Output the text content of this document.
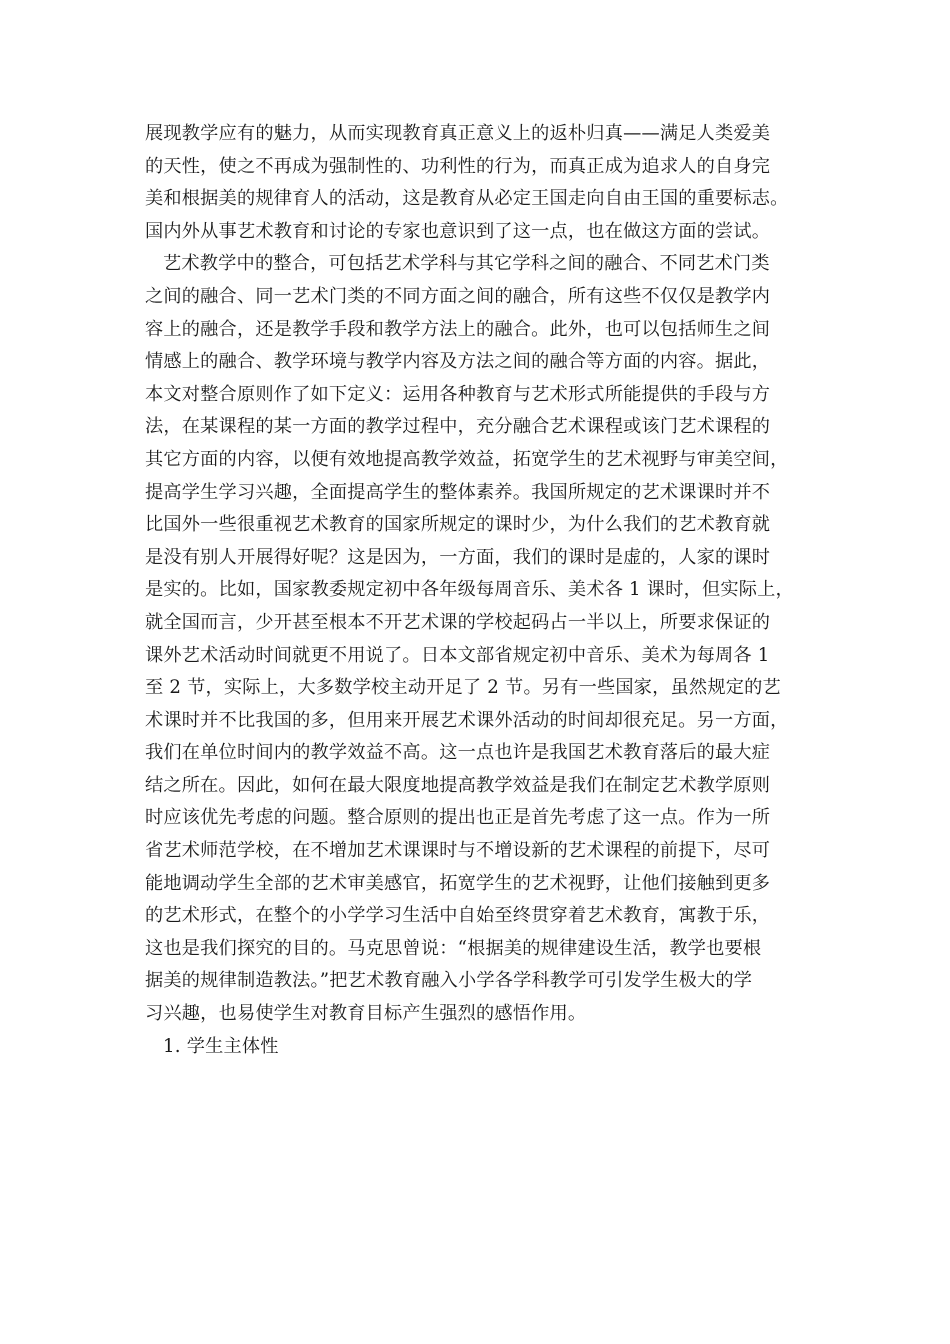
展现教学应有的魅力，从而实现教育真正意义上的返朴归真——满足人类爱美
的天性，使之不再成为强制性的、功利性的行为，而真正成为追求人的自身完
美和根据美的规律育人的活动，这是教育从必定王国走向自由王国的重要标志。
国内外从事艺术教育和讨论的专家也意识到了这一点，也在做这方面的尝试。
艺术教学中的整合，可包括艺术学科与其它学科之间的融合、不同艺术门类
之间的融合、同一艺术门类的不同方面之间的融合，所有这些不仅仅是教学内
容上的融合，还是教学手段和教学方法上的融合。此外，也可以包括师生之间
情感上的融合、教学环境与教学内容及方法之间的融合等方面的内容。据此，
本文对整合原则作了如下定义：运用各种教育与艺术形式所能提供的手段与方
法，在某课程的某一方面的教学过程中，充分融合艺术课程或该门艺术课程的
其它方面的内容，以便有效地提高教学效益，拓宽学生的艺术视野与审美空间，
提高学生学习兴趣，全面提高学生的整体素养。我国所规定的艺术课课时并不
比国外一些很重视艺术教育的国家所规定的课时少，为什么我们的艺术教育就
是没有别人开展得好呢？这是因为，一方面，我们的课时是虚的，人家的课时
是实的。比如，国家教委规定初中各年级每周音乐、美术各 1 课时，但实际上，
就全国而言，少开甚至根本不开艺术课的学校起码占一半以上，所要求保证的
课外艺术活动时间就更不用说了。日本文部省规定初中音乐、美术为每周各 1
至 2 节，实际上，大多数学校主动开足了 2 节。另有一些国家，虽然规定的艺
术课时并不比我国的多，但用来开展艺术课外活动的时间却很充足。另一方面，
我们在单位时间内的教学效益不高。这一点也许是我国艺术教育落后的最大症
结之所在。因此，如何在最大限度地提高教学效益是我们在制定艺术教学原则
时应该优先考虑的问题。整合原则的提出也正是首先考虑了这一点。作为一所
省艺术师范学校，在不增加艺术课课时与不增设新的艺术课程的前提下，尽可
能地调动学生全部的艺术审美感官，拓宽学生的艺术视野，让他们接触到更多
的艺术形式，在整个的小学学习生活中自始至终贯穿着艺术教育，寓教于乐，
这也是我们探究的目的。马克思曾说：“根据美的规律建设生活，教学也要根
据美的规律制造教法。”把艺术教育融入小学各学科教学可引发学生极大的学
习兴趣，也易使学生对教育目标产生强烈的感悟作用。
1. 学生主体性
